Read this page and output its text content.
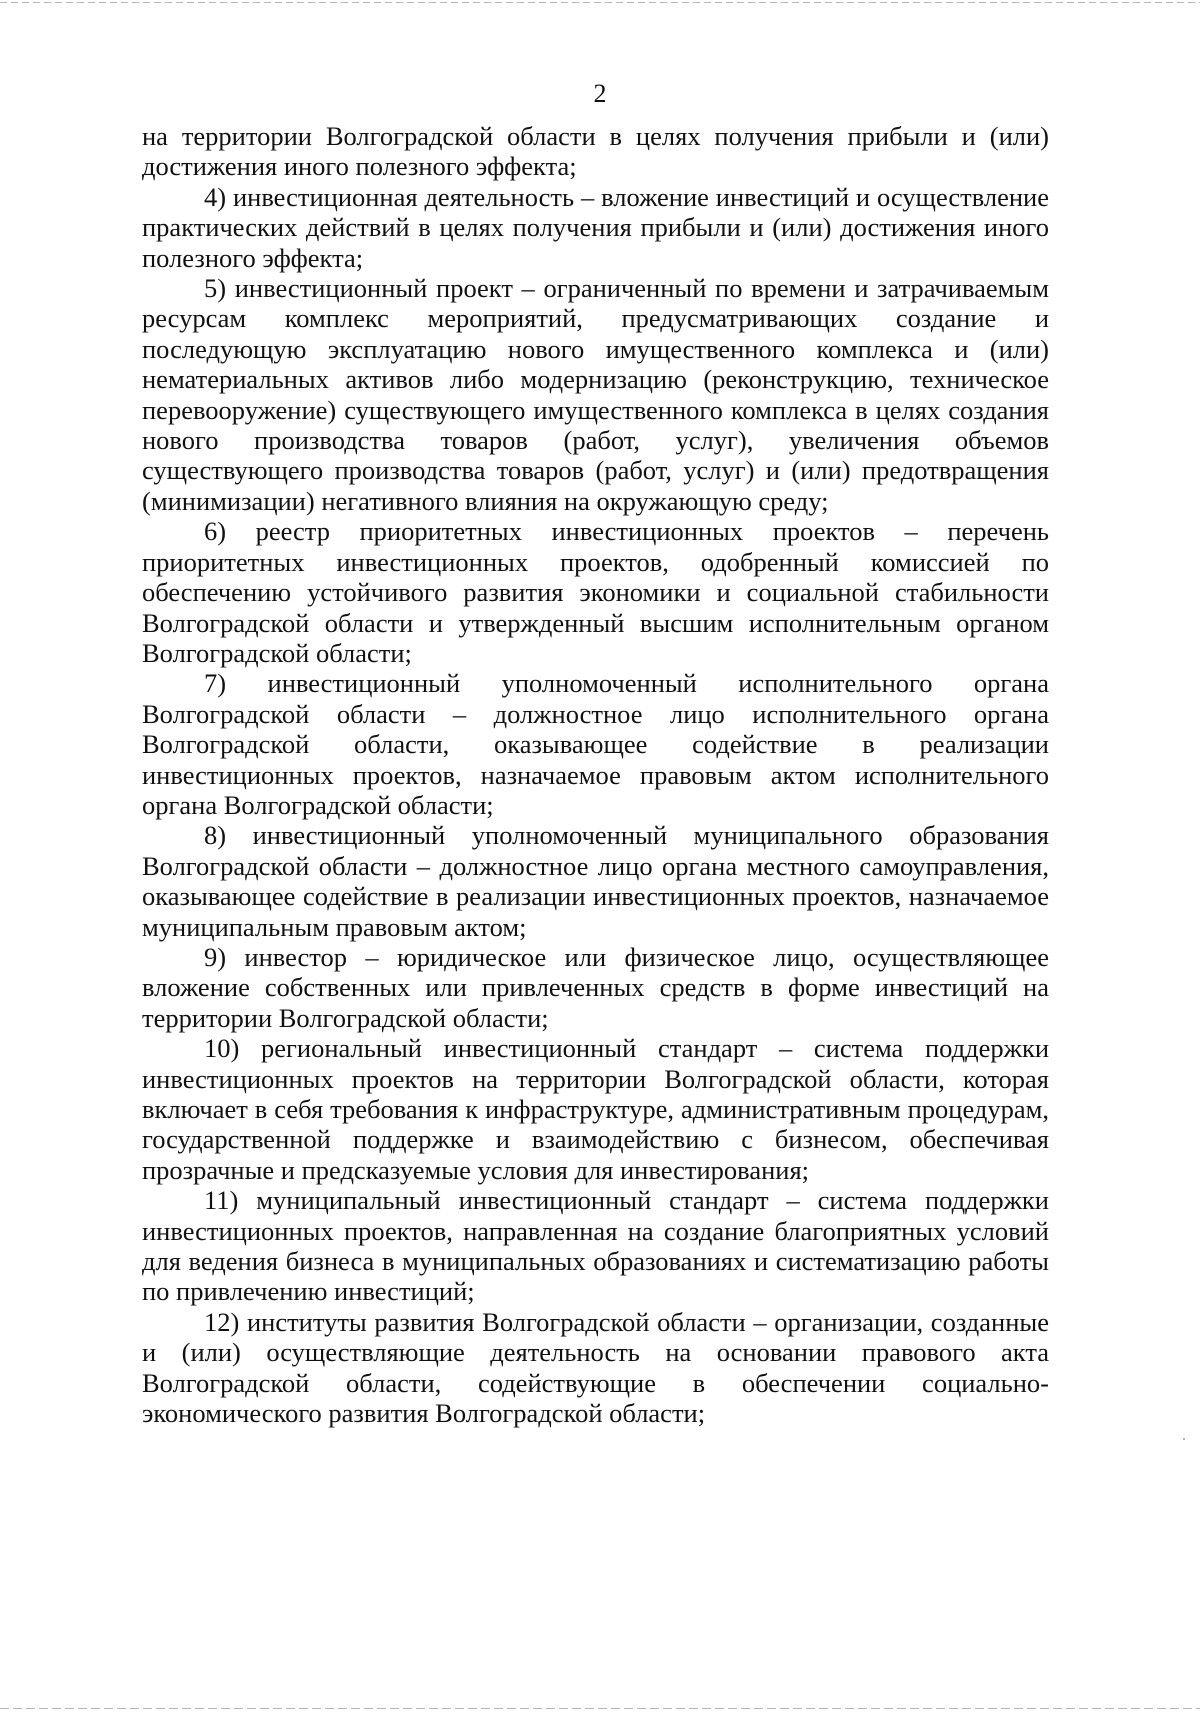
2

на территории Волгоградской области в целях получения прибыли и (или) достижения иного полезного эффекта;

4) инвестиционная деятельность – вложение инвестиций и осуществление практических действий в целях получения прибыли и (или) достижения иного полезного эффекта;

5) инвестиционный проект – ограниченный по времени и затрачиваемым ресурсам комплекс мероприятий, предусматривающих создание и последующую эксплуатацию нового имущественного комплекса и (или) нематериальных активов либо модернизацию (реконструкцию, техническое перевооружение) существующего имущественного комплекса в целях создания нового производства товаров (работ, услуг), увеличения объемов существующего производства товаров (работ, услуг) и (или) предотвращения (минимизации) негативного влияния на окружающую среду;

6) реестр приоритетных инвестиционных проектов – перечень приоритетных инвестиционных проектов, одобренный комиссией по обеспечению устойчивого развития экономики и социальной стабильности Волгоградской области и утвержденный высшим исполнительным органом Волгоградской области;

7) инвестиционный уполномоченный исполнительного органа Волгоградской области – должностное лицо исполнительного органа Волгоградской области, оказывающее содействие в реализации инвестиционных проектов, назначаемое правовым актом исполнительного органа Волгоградской области;

8) инвестиционный уполномоченный муниципального образования Волгоградской области – должностное лицо органа местного самоуправления, оказывающее содействие в реализации инвестиционных проектов, назначаемое муниципальным правовым актом;

9) инвестор – юридическое или физическое лицо, осуществляющее вложение собственных или привлеченных средств в форме инвестиций на территории Волгоградской области;

10) региональный инвестиционный стандарт – система поддержки инвестиционных проектов на территории Волгоградской области, которая включает в себя требования к инфраструктуре, административным процедурам, государственной поддержке и взаимодействию с бизнесом, обеспечивая прозрачные и предсказуемые условия для инвестирования;

11) муниципальный инвестиционный стандарт – система поддержки инвестиционных проектов, направленная на создание благоприятных условий для ведения бизнеса в муниципальных образованиях и систематизацию работы по привлечению инвестиций;

12) институты развития Волгоградской области – организации, созданные и (или) осуществляющие деятельность на основании правового акта Волгоградской области, содействующие в обеспечении социально-экономического развития Волгоградской области;
